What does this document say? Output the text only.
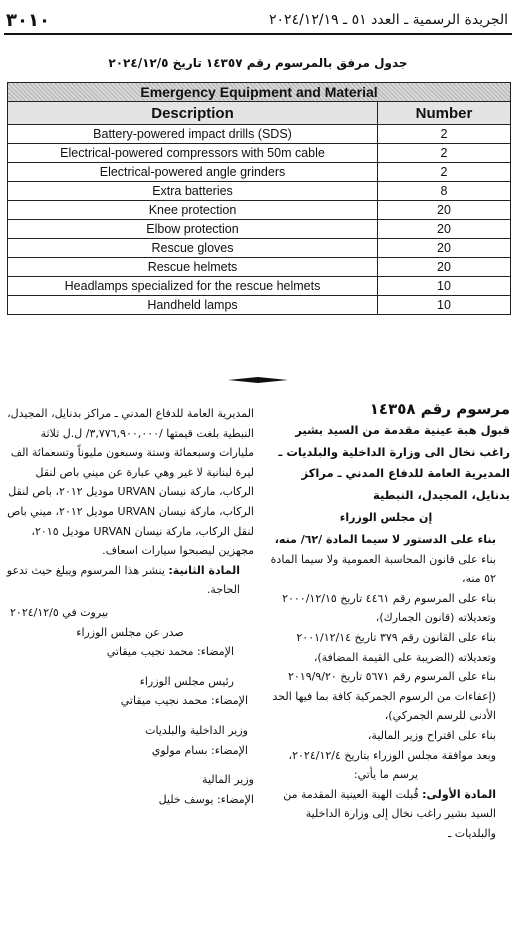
٣٠١٠	الجريدة الرسمية ـ العدد ٥١ ـ ٢٠٢٤/١٢/١٩
جدول مرفق بالمرسوم رقم ١٤٣٥٧ تاريخ ٢٠٢٤/١٢/٥
Emergency Equipment and Material	
Description	Number
Battery-powered impact drills (SDS)	2
Electrical-powered compressors with 50m cable	2
Electrical-powered angle grinders	2
Extra batteries	8
Knee protection	20
Elbow protection	20
Rescue gloves	20
Rescue helmets	20
Headlamps specialized for the rescue helmets	10
Handheld lamps	10

مرسوم رقم ١٤٣٥٨

قبول هبة عينية مقدمة من السيد بشير راغب نخال الى وزارة الداخلية والبلديات ـ المديرية العامة للدفاع المدني ـ مراكز بدنايل، المجيدل، النبطية

إن مجلس الوزراء

بناء على الدستور لا سيما المادة /٦٢/ منه،

بناء على قانون المحاسبة العمومية ولا سيما المادة ٥٢ منه،

بناء على المرسوم رقم ٤٤٦١ تاريخ ٢٠٠٠/١٢/١٥ وتعديلاته (قانون الجمارك)،

بناء على القانون رقم ٣٧٩ تاريخ ٢٠٠١/١٢/١٤ وتعديلاته (الضريبة على القيمة المضافة)،

بناء على المرسوم رقم ٥٦٧١ تاريخ ٢٠١٩/٩/٢٠ (إعفاءات من الرسوم الجمركية كافة بما فيها الحد الأدنى للرسم الجمركي)،

بناء على اقتراح وزير المالية،

وبعد موافقة مجلس الوزراء بتاريخ ٢٠٢٤/١٢/٤،

يرسم ما يأتي:

المادة الأولى: قُبلت الهبة العينية المقدمة من السيد بشير راغب نخال إلى وزارة الداخلية والبلديات ـ

المديرية العامة للدفاع المدني ـ مراكز بدنايل، المجيدل، النبطية بلغت قيمتها /٣,٧٧٦,٩٠٠,٠٠٠/ ل.ل ثلاثة مليارات وسبعمائة وستة وسبعون مليوناً وتسعمائة الف ليرة لبنانية لا غير وهي عبارة عن ميني باص لنقل الركاب، ماركة نيسان URVAN موديل ٢٠١٢، باص لنقل الركاب، ماركة نيسان URVAN موديل ٢٠١٢، ميني باص لنقل الركاب، ماركة نيسان URVAN موديل ٢٠١٥، مجهزين ليصبحوا سيارات اسعاف.

المادة الثانية: ينشر هذا المرسوم ويبلغ حيث تدعو الحاجة.

بيروت في ٢٠٢٤/١٢/٥

صدر عن مجلس الوزراء

الإمضاء: محمد نجيب ميقاتي

رئيس مجلس الوزراء

الإمضاء: محمد نجيب ميقاتي

وزير الداخلية والبلديات

الإمضاء: بسام مولوي

وزير المالية

الإمضاء: يوسف خليل
